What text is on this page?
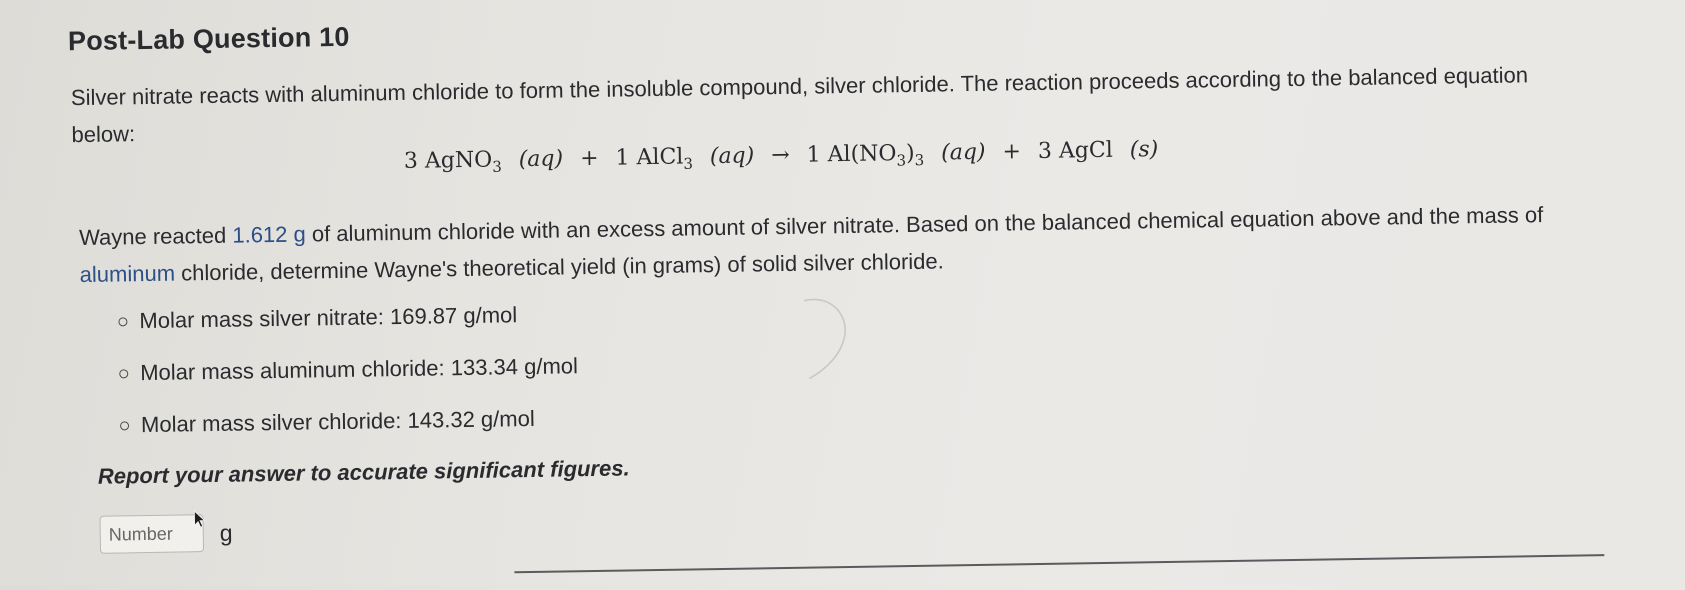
Post-Lab Question 10
Silver nitrate reacts with aluminum chloride to form the insoluble compound, silver chloride. The reaction proceeds according to the balanced equation below:
3 AgNO$_3$ (aq) + 1 AlCl$_3$ (aq) → 1 $Al(NO_3)_3$ (aq) + 3 AgCl (s)
Wayne reacted 1.612 g of aluminum chloride with an excess amount of silver nitrate. Based on the balanced chemical equation above and the mass of aluminum chloride, determine Wayne's theoretical yield (in grams) of solid silver chloride.
Molar mass silver nitrate: 169.87 g/mol
Molar mass aluminum chloride: 133.34 g/mol
Molar mass silver chloride: 143.32 g/mol
Report your answer to accurate significant figures.
Number
g
